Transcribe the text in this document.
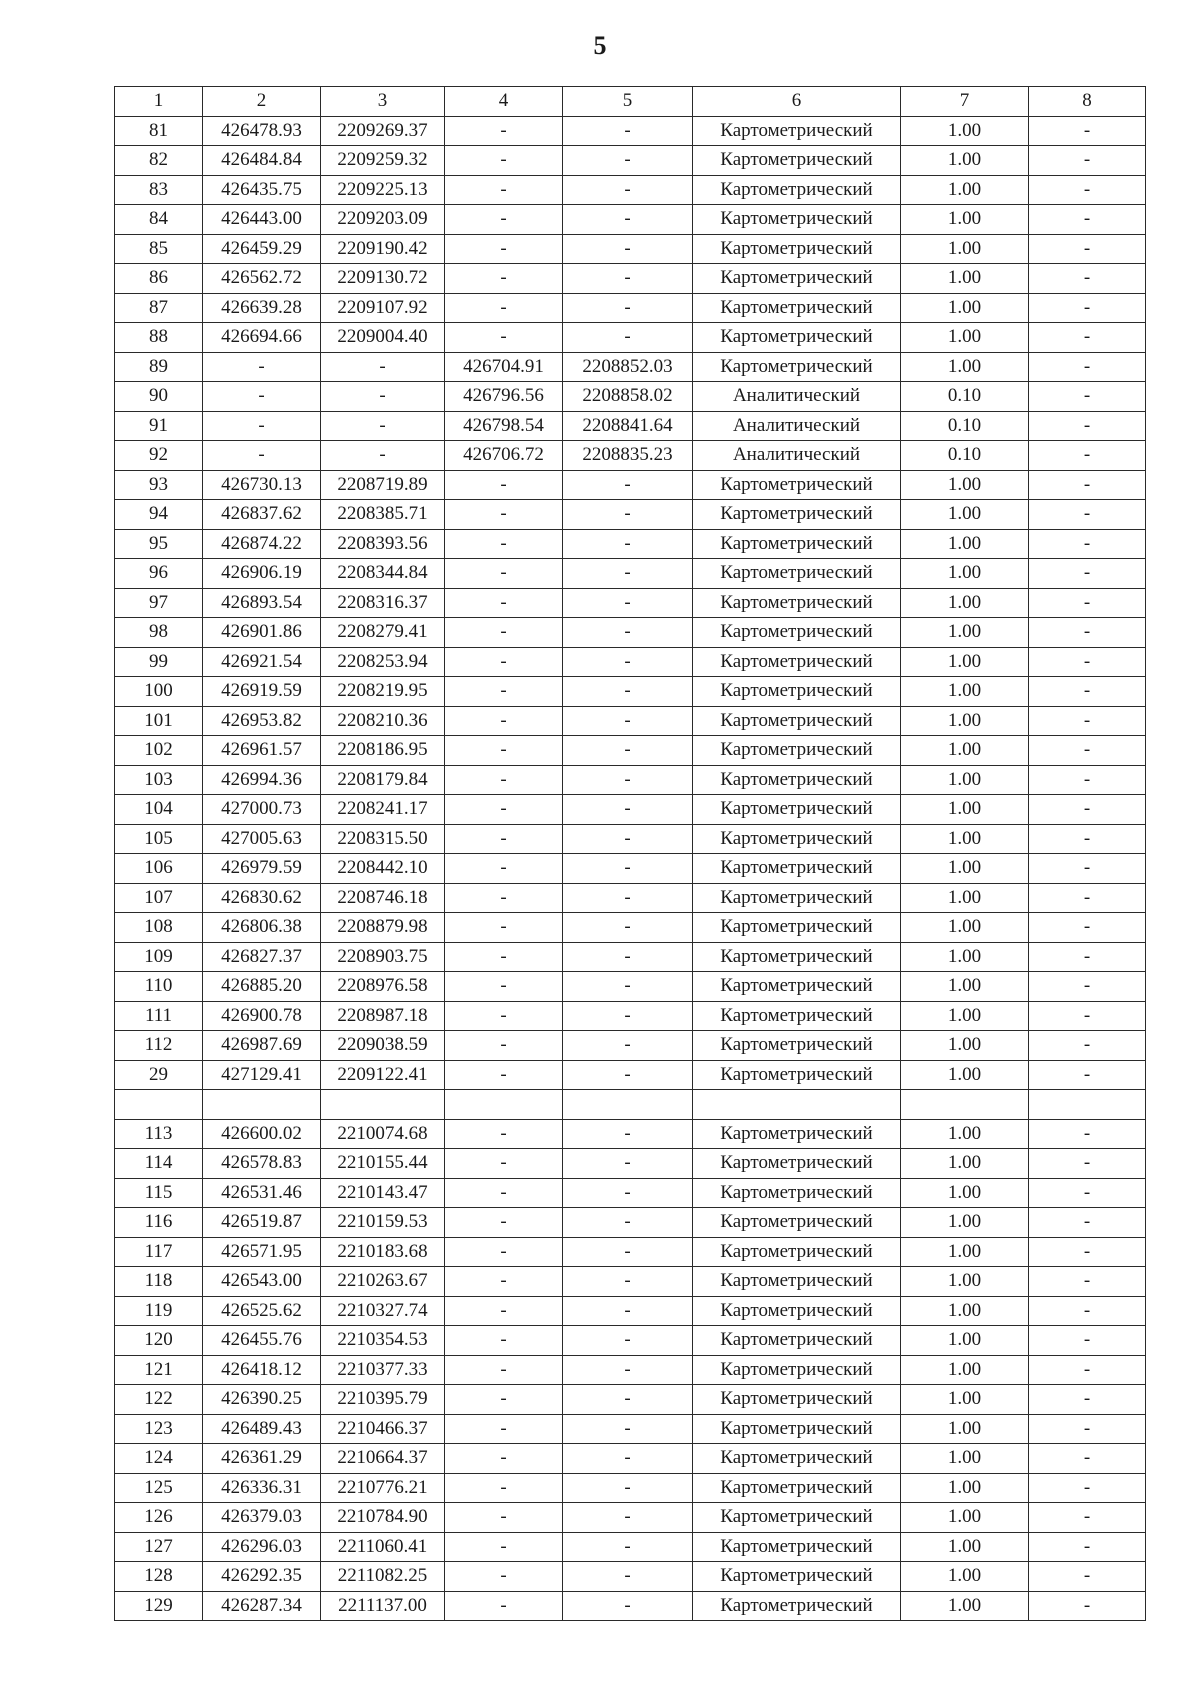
5
1	2	3	4	5	6	7	8
81	426478.93	2209269.37	-	-	Картометрический	1.00	-
82	426484.84	2209259.32	-	-	Картометрический	1.00	-
83	426435.75	2209225.13	-	-	Картометрический	1.00	-
84	426443.00	2209203.09	-	-	Картометрический	1.00	-
85	426459.29	2209190.42	-	-	Картометрический	1.00	-
86	426562.72	2209130.72	-	-	Картометрический	1.00	-
87	426639.28	2209107.92	-	-	Картометрический	1.00	-
88	426694.66	2209004.40	-	-	Картометрический	1.00	-
89	-	-	426704.91	2208852.03	Картометрический	1.00	-
90	-	-	426796.56	2208858.02	Аналитический	0.10	-
91	-	-	426798.54	2208841.64	Аналитический	0.10	-
92	-	-	426706.72	2208835.23	Аналитический	0.10	-
93	426730.13	2208719.89	-	-	Картометрический	1.00	-
94	426837.62	2208385.71	-	-	Картометрический	1.00	-
95	426874.22	2208393.56	-	-	Картометрический	1.00	-
96	426906.19	2208344.84	-	-	Картометрический	1.00	-
97	426893.54	2208316.37	-	-	Картометрический	1.00	-
98	426901.86	2208279.41	-	-	Картометрический	1.00	-
99	426921.54	2208253.94	-	-	Картометрический	1.00	-
100	426919.59	2208219.95	-	-	Картометрический	1.00	-
101	426953.82	2208210.36	-	-	Картометрический	1.00	-
102	426961.57	2208186.95	-	-	Картометрический	1.00	-
103	426994.36	2208179.84	-	-	Картометрический	1.00	-
104	427000.73	2208241.17	-	-	Картометрический	1.00	-
105	427005.63	2208315.50	-	-	Картометрический	1.00	-
106	426979.59	2208442.10	-	-	Картометрический	1.00	-
107	426830.62	2208746.18	-	-	Картометрический	1.00	-
108	426806.38	2208879.98	-	-	Картометрический	1.00	-
109	426827.37	2208903.75	-	-	Картометрический	1.00	-
110	426885.20	2208976.58	-	-	Картометрический	1.00	-
111	426900.78	2208987.18	-	-	Картометрический	1.00	-
112	426987.69	2209038.59	-	-	Картометрический	1.00	-
29	427129.41	2209122.41	-	-	Картометрический	1.00	-

113	426600.02	2210074.68	-	-	Картометрический	1.00	-
114	426578.83	2210155.44	-	-	Картометрический	1.00	-
115	426531.46	2210143.47	-	-	Картометрический	1.00	-
116	426519.87	2210159.53	-	-	Картометрический	1.00	-
117	426571.95	2210183.68	-	-	Картометрический	1.00	-
118	426543.00	2210263.67	-	-	Картометрический	1.00	-
119	426525.62	2210327.74	-	-	Картометрический	1.00	-
120	426455.76	2210354.53	-	-	Картометрический	1.00	-
121	426418.12	2210377.33	-	-	Картометрический	1.00	-
122	426390.25	2210395.79	-	-	Картометрический	1.00	-
123	426489.43	2210466.37	-	-	Картометрический	1.00	-
124	426361.29	2210664.37	-	-	Картометрический	1.00	-
125	426336.31	2210776.21	-	-	Картометрический	1.00	-
126	426379.03	2210784.90	-	-	Картометрический	1.00	-
127	426296.03	2211060.41	-	-	Картометрический	1.00	-
128	426292.35	2211082.25	-	-	Картометрический	1.00	-
129	426287.34	2211137.00	-	-	Картометрический	1.00	-
